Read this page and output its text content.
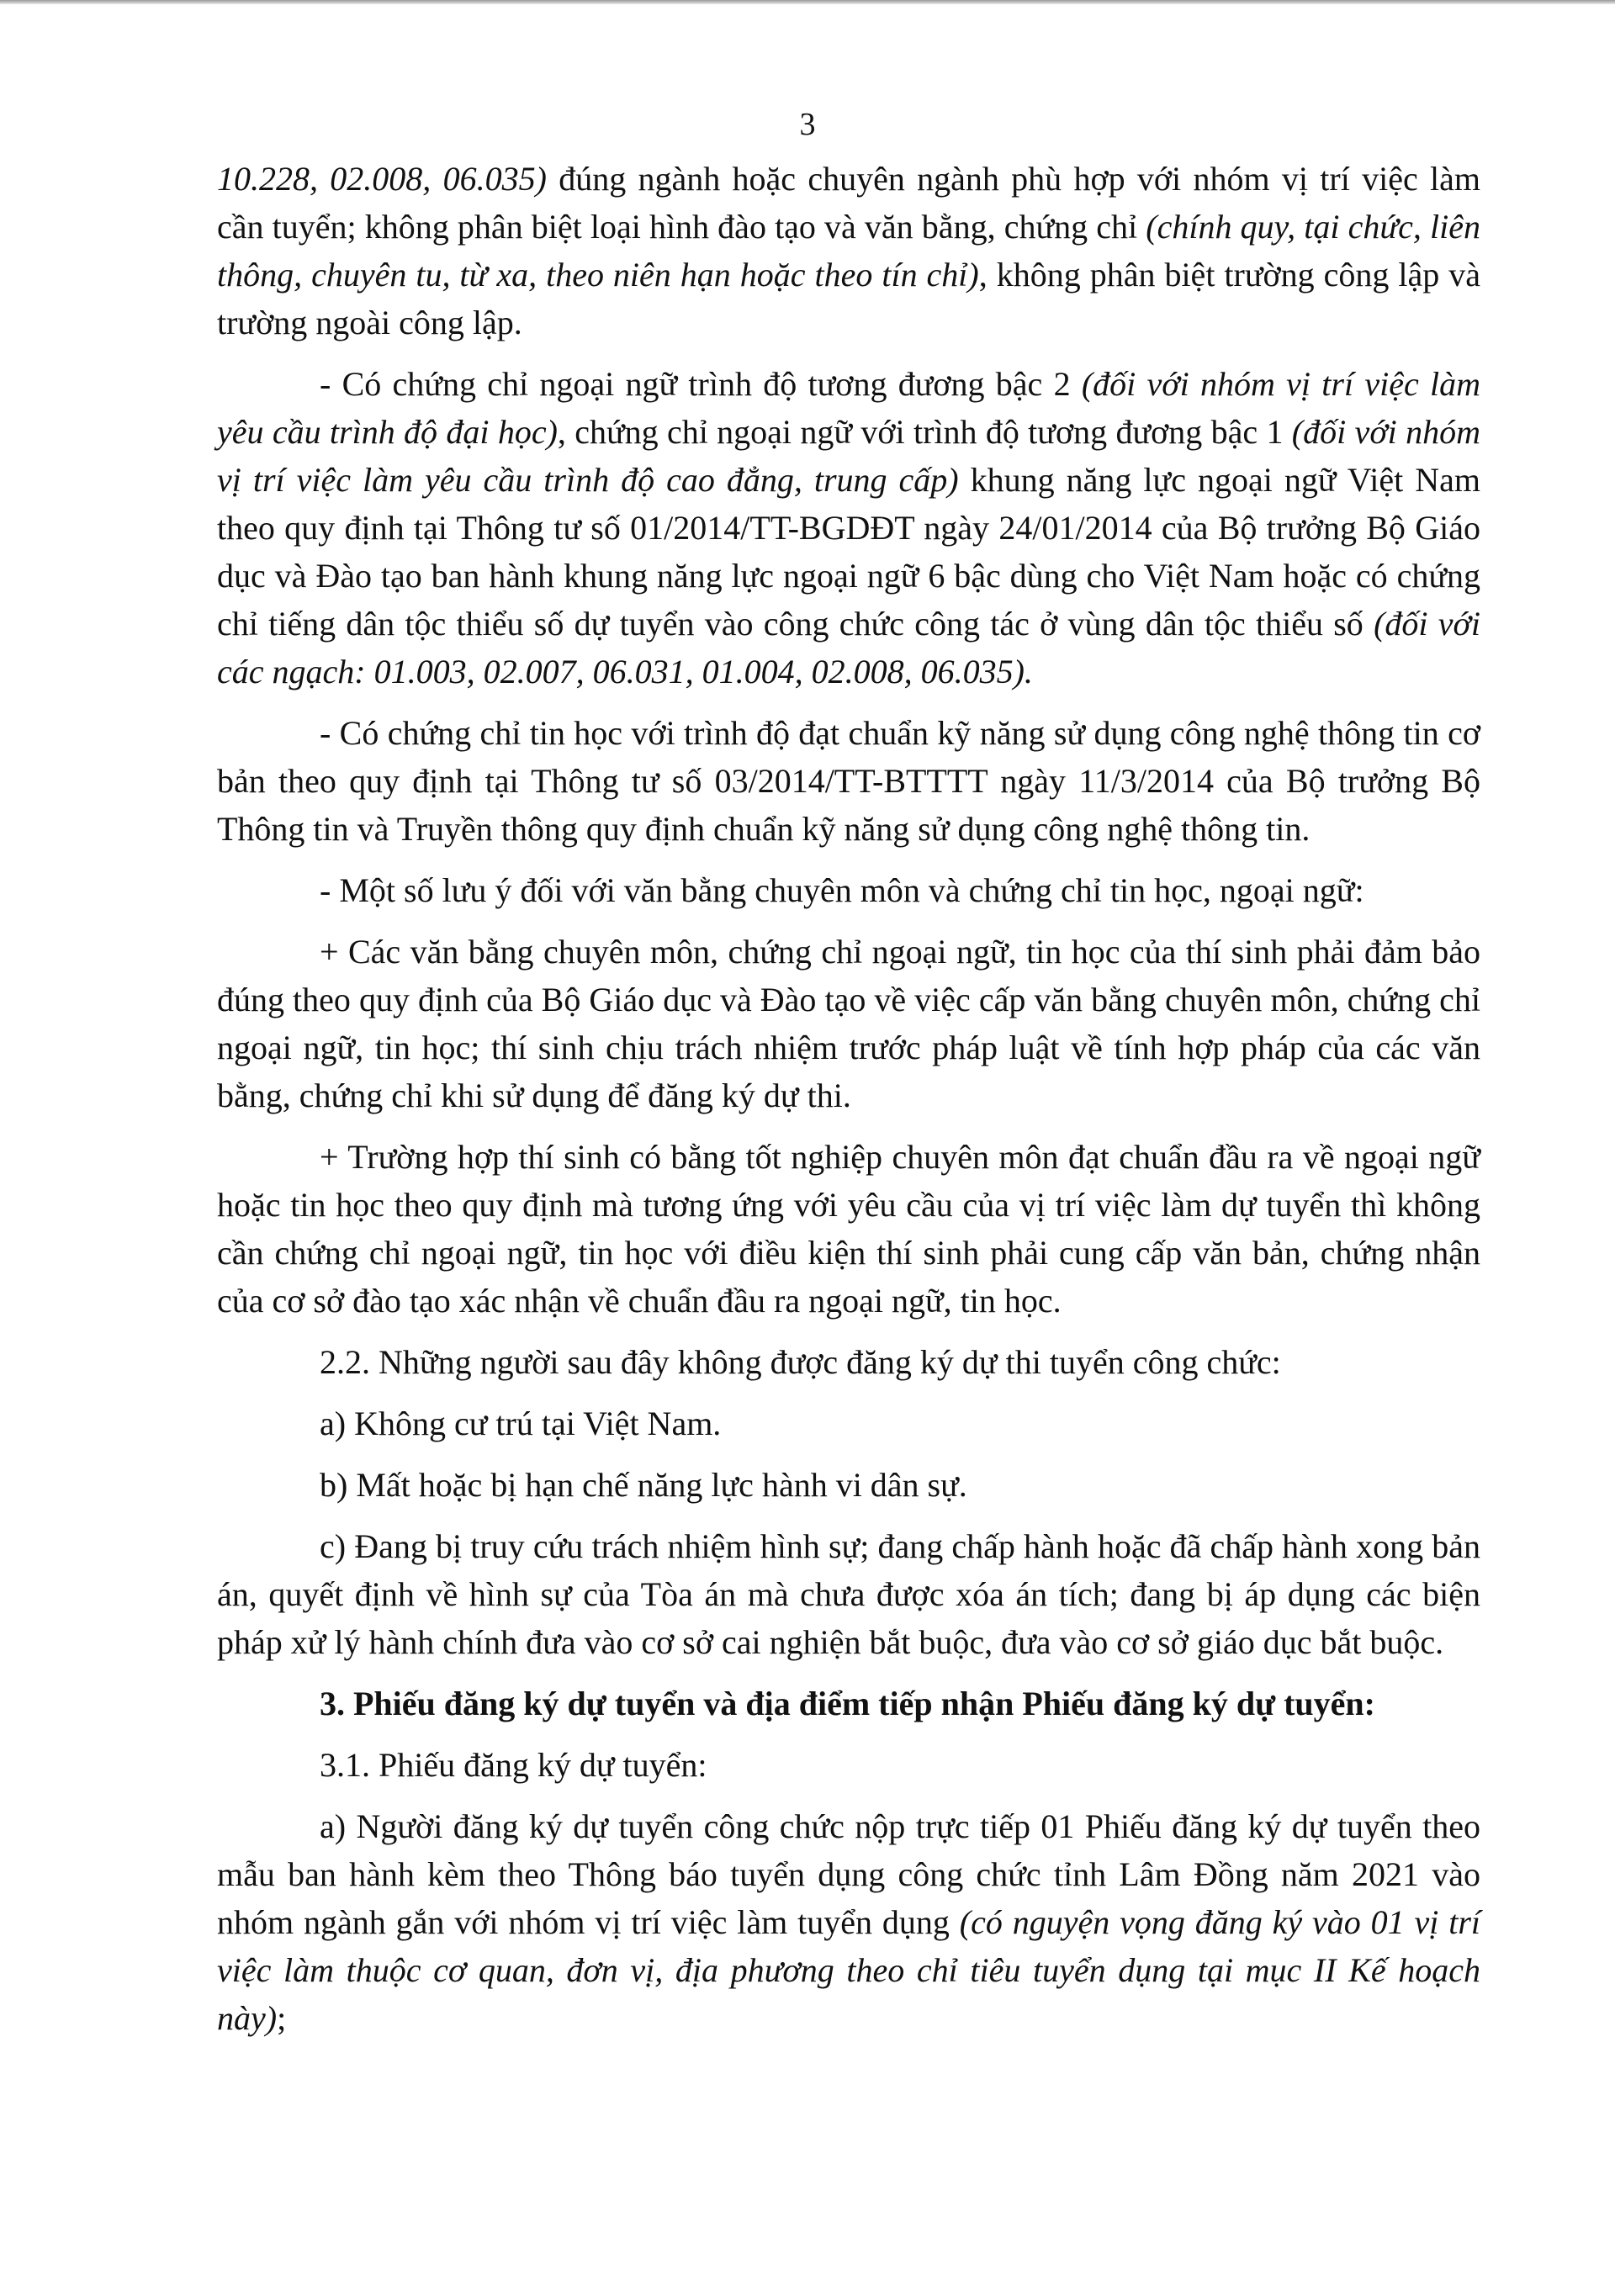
3

10.228, 02.008, 06.035) đúng ngành hoặc chuyên ngành phù hợp với nhóm vị trí việc làm cần tuyển; không phân biệt loại hình đào tạo và văn bằng, chứng chỉ (chính quy, tại chức, liên thông, chuyên tu, từ xa, theo niên hạn hoặc theo tín chỉ), không phân biệt trường công lập và trường ngoài công lập.

- Có chứng chỉ ngoại ngữ trình độ tương đương bậc 2 (đối với nhóm vị trí việc làm yêu cầu trình độ đại học), chứng chỉ ngoại ngữ với trình độ tương đương bậc 1 (đối với nhóm vị trí việc làm yêu cầu trình độ cao đẳng, trung cấp) khung năng lực ngoại ngữ Việt Nam theo quy định tại Thông tư số 01/2014/TT-BGDĐT ngày 24/01/2014 của Bộ trưởng Bộ Giáo dục và Đào tạo ban hành khung năng lực ngoại ngữ 6 bậc dùng cho Việt Nam hoặc có chứng chỉ tiếng dân tộc thiểu số dự tuyển vào công chức công tác ở vùng dân tộc thiểu số (đối với các ngạch: 01.003, 02.007, 06.031, 01.004, 02.008, 06.035).

- Có chứng chỉ tin học với trình độ đạt chuẩn kỹ năng sử dụng công nghệ thông tin cơ bản theo quy định tại Thông tư số 03/2014/TT-BTTTT ngày 11/3/2014 của Bộ trưởng Bộ Thông tin và Truyền thông quy định chuẩn kỹ năng sử dụng công nghệ thông tin.

- Một số lưu ý đối với văn bằng chuyên môn và chứng chỉ tin học, ngoại ngữ:

+ Các văn bằng chuyên môn, chứng chỉ ngoại ngữ, tin học của thí sinh phải đảm bảo đúng theo quy định của Bộ Giáo dục và Đào tạo về việc cấp văn bằng chuyên môn, chứng chỉ ngoại ngữ, tin học; thí sinh chịu trách nhiệm trước pháp luật về tính hợp pháp của các văn bằng, chứng chỉ khi sử dụng để đăng ký dự thi.

+ Trường hợp thí sinh có bằng tốt nghiệp chuyên môn đạt chuẩn đầu ra về ngoại ngữ hoặc tin học theo quy định mà tương ứng với yêu cầu của vị trí việc làm dự tuyển thì không cần chứng chỉ ngoại ngữ, tin học với điều kiện thí sinh phải cung cấp văn bản, chứng nhận của cơ sở đào tạo xác nhận về chuẩn đầu ra ngoại ngữ, tin học.

2.2. Những người sau đây không được đăng ký dự thi tuyển công chức:

a) Không cư trú tại Việt Nam.

b) Mất hoặc bị hạn chế năng lực hành vi dân sự.

c) Đang bị truy cứu trách nhiệm hình sự; đang chấp hành hoặc đã chấp hành xong bản án, quyết định về hình sự của Tòa án mà chưa được xóa án tích; đang bị áp dụng các biện pháp xử lý hành chính đưa vào cơ sở cai nghiện bắt buộc, đưa vào cơ sở giáo dục bắt buộc.

3. Phiếu đăng ký dự tuyển và địa điểm tiếp nhận Phiếu đăng ký dự tuyển:

3.1. Phiếu đăng ký dự tuyển:

a) Người đăng ký dự tuyển công chức nộp trực tiếp 01 Phiếu đăng ký dự tuyển theo mẫu ban hành kèm theo Thông báo tuyển dụng công chức tỉnh Lâm Đồng năm 2021 vào nhóm ngành gắn với nhóm vị trí việc làm tuyển dụng (có nguyện vọng đăng ký vào 01 vị trí việc làm thuộc cơ quan, đơn vị, địa phương theo chỉ tiêu tuyển dụng tại mục II Kế hoạch này);
